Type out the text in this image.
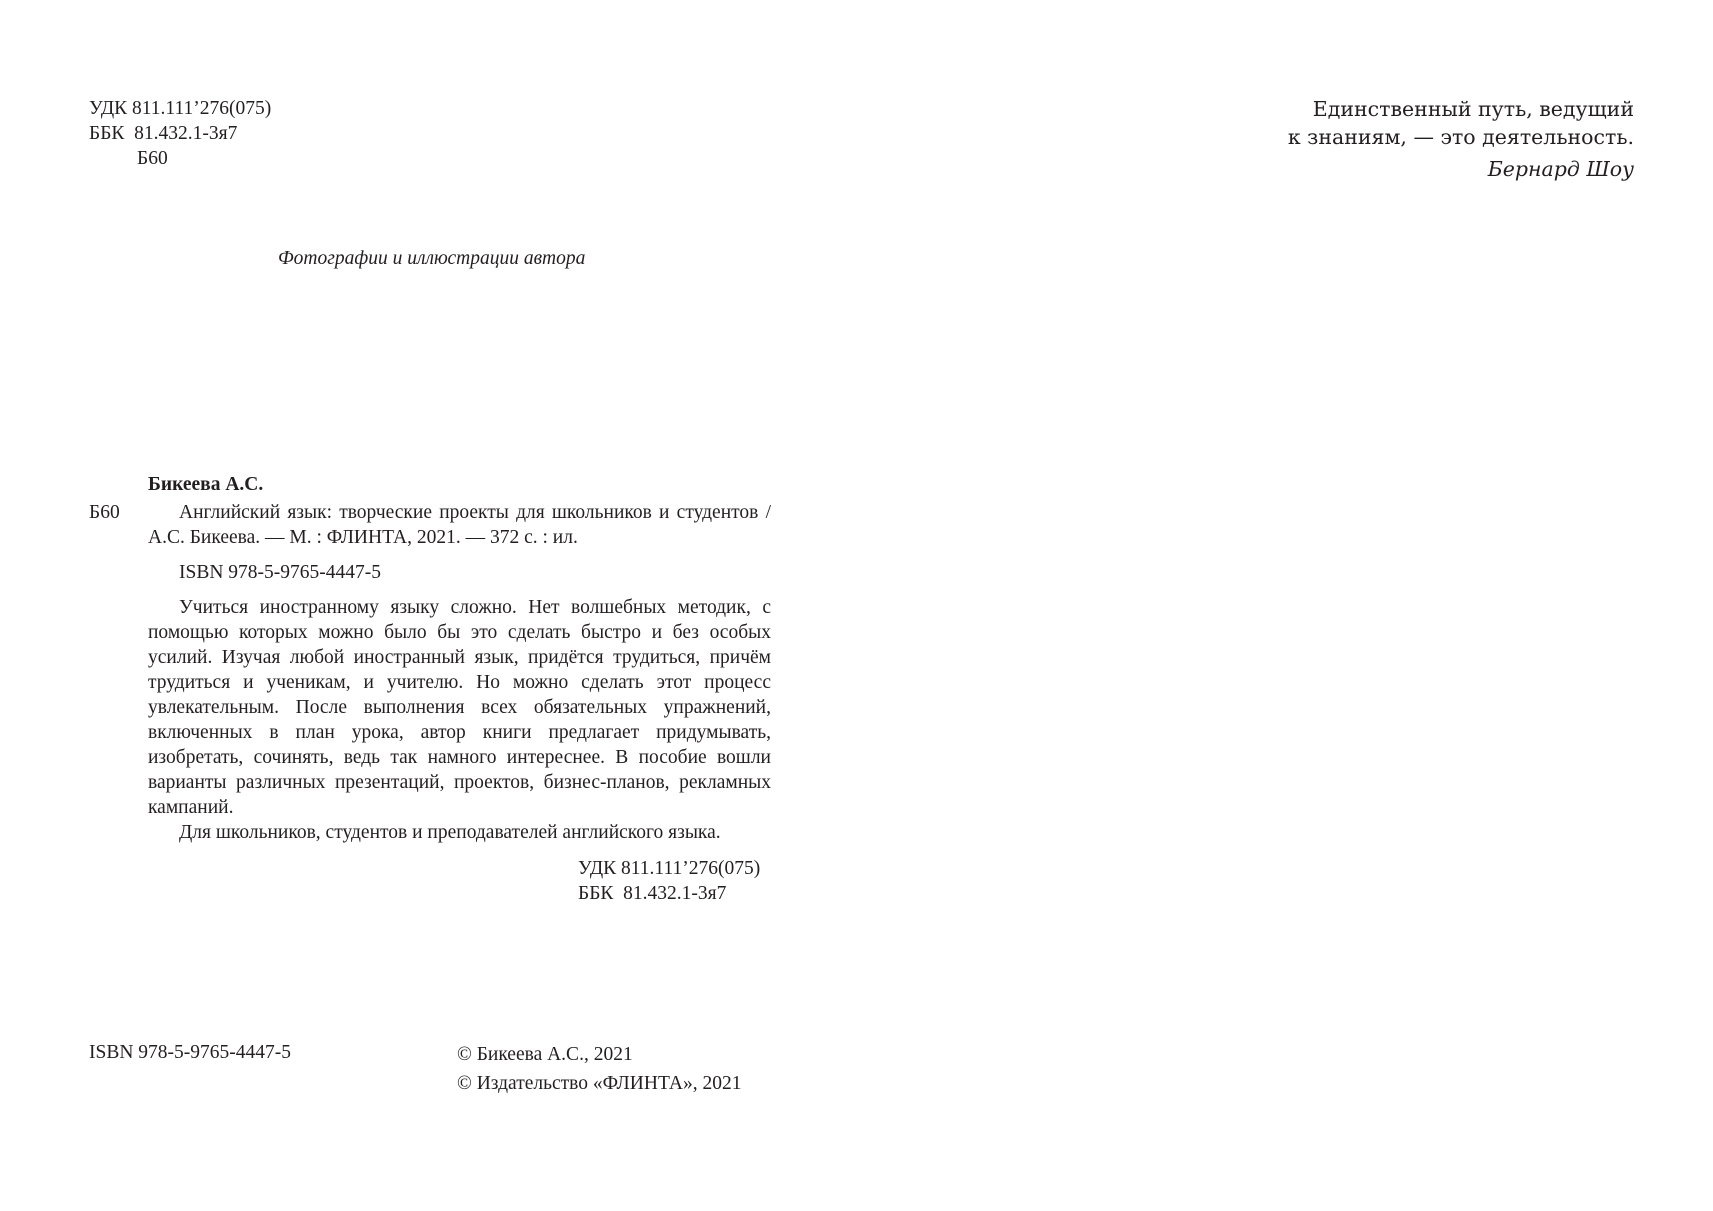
УДК 811.111’276(075)
ББК  81.432.1-3я7
Б60
Единственный путь, ведущий
к знаниям, — это деятельность.
Бернард Шоу
Фотографии и иллюстрации автора
Бикеева А.С.
Б60	Английский язык: творческие проекты для школьников и студентов / А.С. Бикеева. — М. : ФЛИНТА, 2021. — 372 с. : ил.
ISBN 978-5-9765-4447-5

Учиться иностранному языку сложно. Нет волшебных методик, с помощью которых можно было бы это сделать быстро и без особых усилий. Изучая любой иностранный язык, придётся трудиться, причём трудиться и ученикам, и учителю. Но можно сделать этот процесс увлекательным. После выполнения всех обязательных упражнений, включенных в план урока, автор книги предлагает придумывать, изобретать, сочинять, ведь так намного интереснее. В пособие вошли варианты различных презентаций, проектов, бизнес-планов, рекламных кампаний.

Для школьников, студентов и преподавателей английского языка.

УДК 811.111’276(075)
ББК  81.432.1-3я7
ISBN 978-5-9765-4447-5	© Бикеева А.С., 2021
© Издательство «ФЛИНТА», 2021
